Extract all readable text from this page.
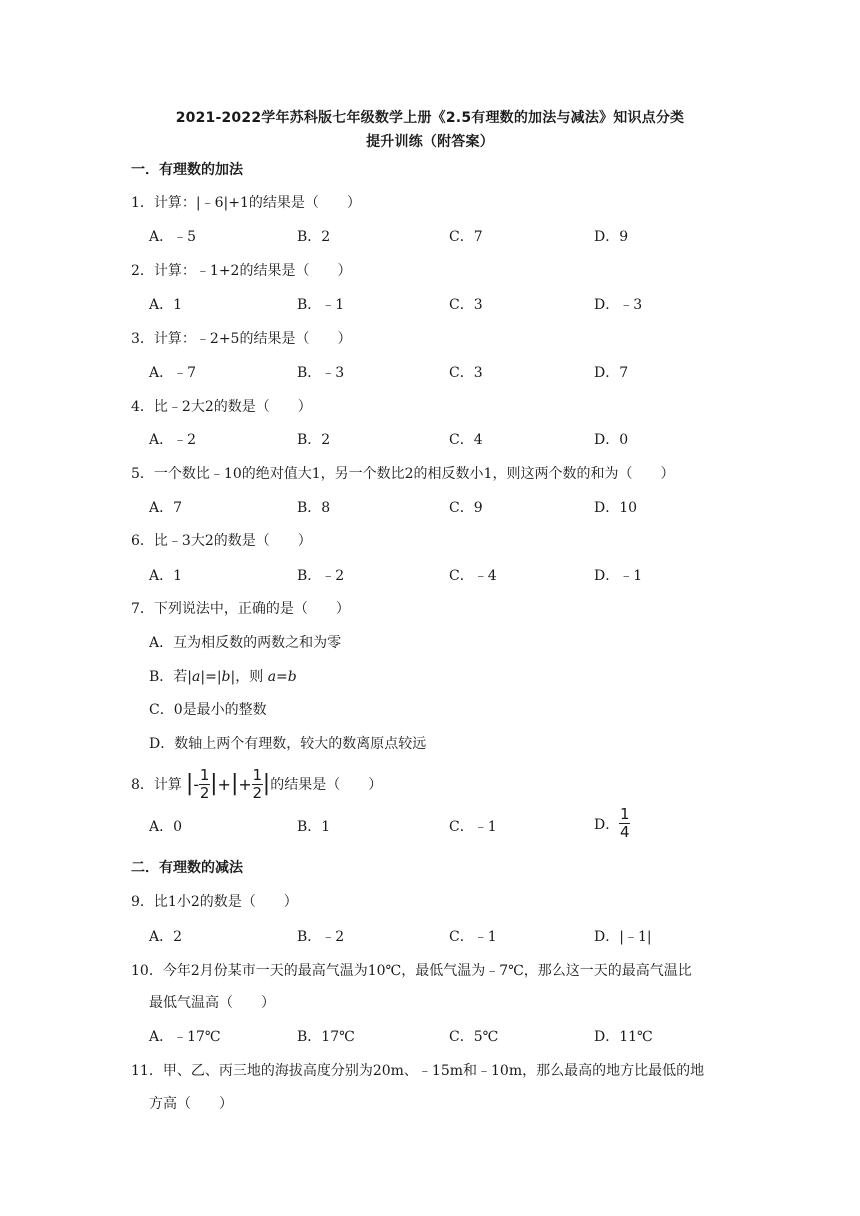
2021-2022学年苏科版七年级数学上册《2.5有理数的加法与减法》知识点分类
提升训练（附答案）
一．有理数的加法
1．计算：|﹣6|+1的结果是（　　）
A．﹣5	B．2	C．7	D．9
2．计算：﹣1+2的结果是（　　）
A．1	B．﹣1	C．3	D．﹣3
3．计算：﹣2+5的结果是（　　）
A．﹣7	B．﹣3	C．3	D．7
4．比﹣2大2的数是（　　）
A．﹣2	B．2	C．4	D．0
5．一个数比﹣10的绝对值大1，另一个数比2的相反数小1，则这两个数的和为（　　）
A．7	B．8	C．9	D．10
6．比﹣3大2的数是（　　）
A．1	B．﹣2	C．﹣4	D．﹣1
7．下列说法中，正确的是（　　）
A．互为相反数的两数之和为零
B．若|a|=|b|，则 a=b
C．0是最小的整数
D．数轴上两个有理数，较大的数离原点较远
8． 计算 | - $\frac{1}{2}$ | + | + $\frac{1}{2}$ | 的结果是（　　）
A．0	B．1	C．﹣1	D． $\frac{1}{4}$
二．有理数的减法
9．比1小2的数是（　　）
A．2	B．﹣2	C．﹣1	D．|﹣1|
10．今年2月份某市一天的最高气温为10℃，最低气温为﹣7℃，那么这一天的最高气温比
最低气温高（　　）
A．﹣17℃	B．17℃	C．5℃	D．11℃
11．甲、乙、丙三地的海拔高度分别为20m、﹣15m和﹣10m，那么最高的地方比最低的地
方高（　　）
